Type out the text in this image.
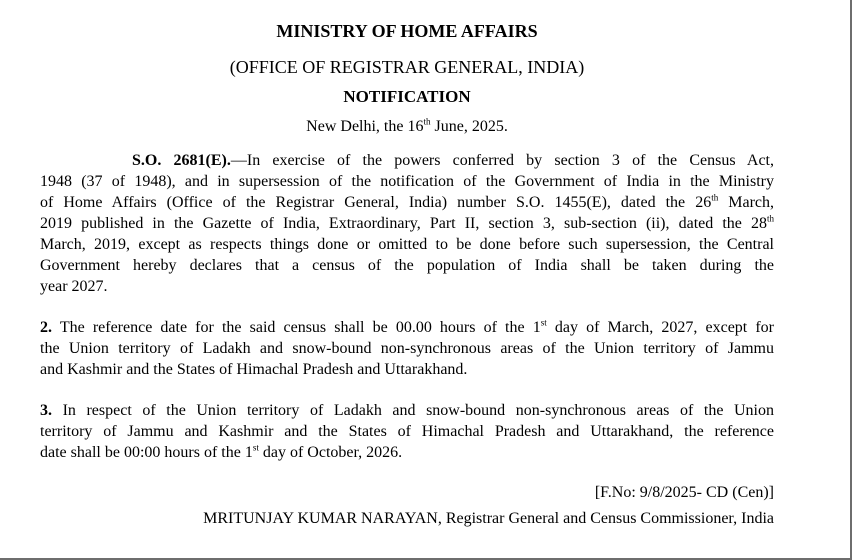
MINISTRY OF HOME AFFAIRS
(OFFICE OF REGISTRAR GENERAL, INDIA)
NOTIFICATION
New Delhi, the 16th June, 2025.
S.O. 2681(E).—In exercise of the powers conferred by section 3 of the Census Act,
1948 (37 of 1948), and in supersession of the notification of the Government of India in the Ministry
of Home Affairs (Office of the Registrar General, India) number S.O. 1455(E), dated the 26th March,
2019 published in the Gazette of India, Extraordinary, Part II, section 3, sub-section (ii), dated the 28th
March, 2019, except as respects things done or omitted to be done before such supersession, the Central
Government hereby declares that a census of the population of India shall be taken during the
year 2027.
2. The reference date for the said census shall be 00.00 hours of the 1st day of March, 2027, except for
the Union territory of Ladakh and snow-bound non-synchronous areas of the Union territory of Jammu
and Kashmir and the States of Himachal Pradesh and Uttarakhand.
3. In respect of the Union territory of Ladakh and snow-bound non-synchronous areas of the Union
territory of Jammu and Kashmir and the States of Himachal Pradesh and Uttarakhand, the reference
date shall be 00:00 hours of the 1st day of October, 2026.
[F.No: 9/8/2025- CD (Cen)]
MRITUNJAY KUMAR NARAYAN, Registrar General and Census Commissioner, India
